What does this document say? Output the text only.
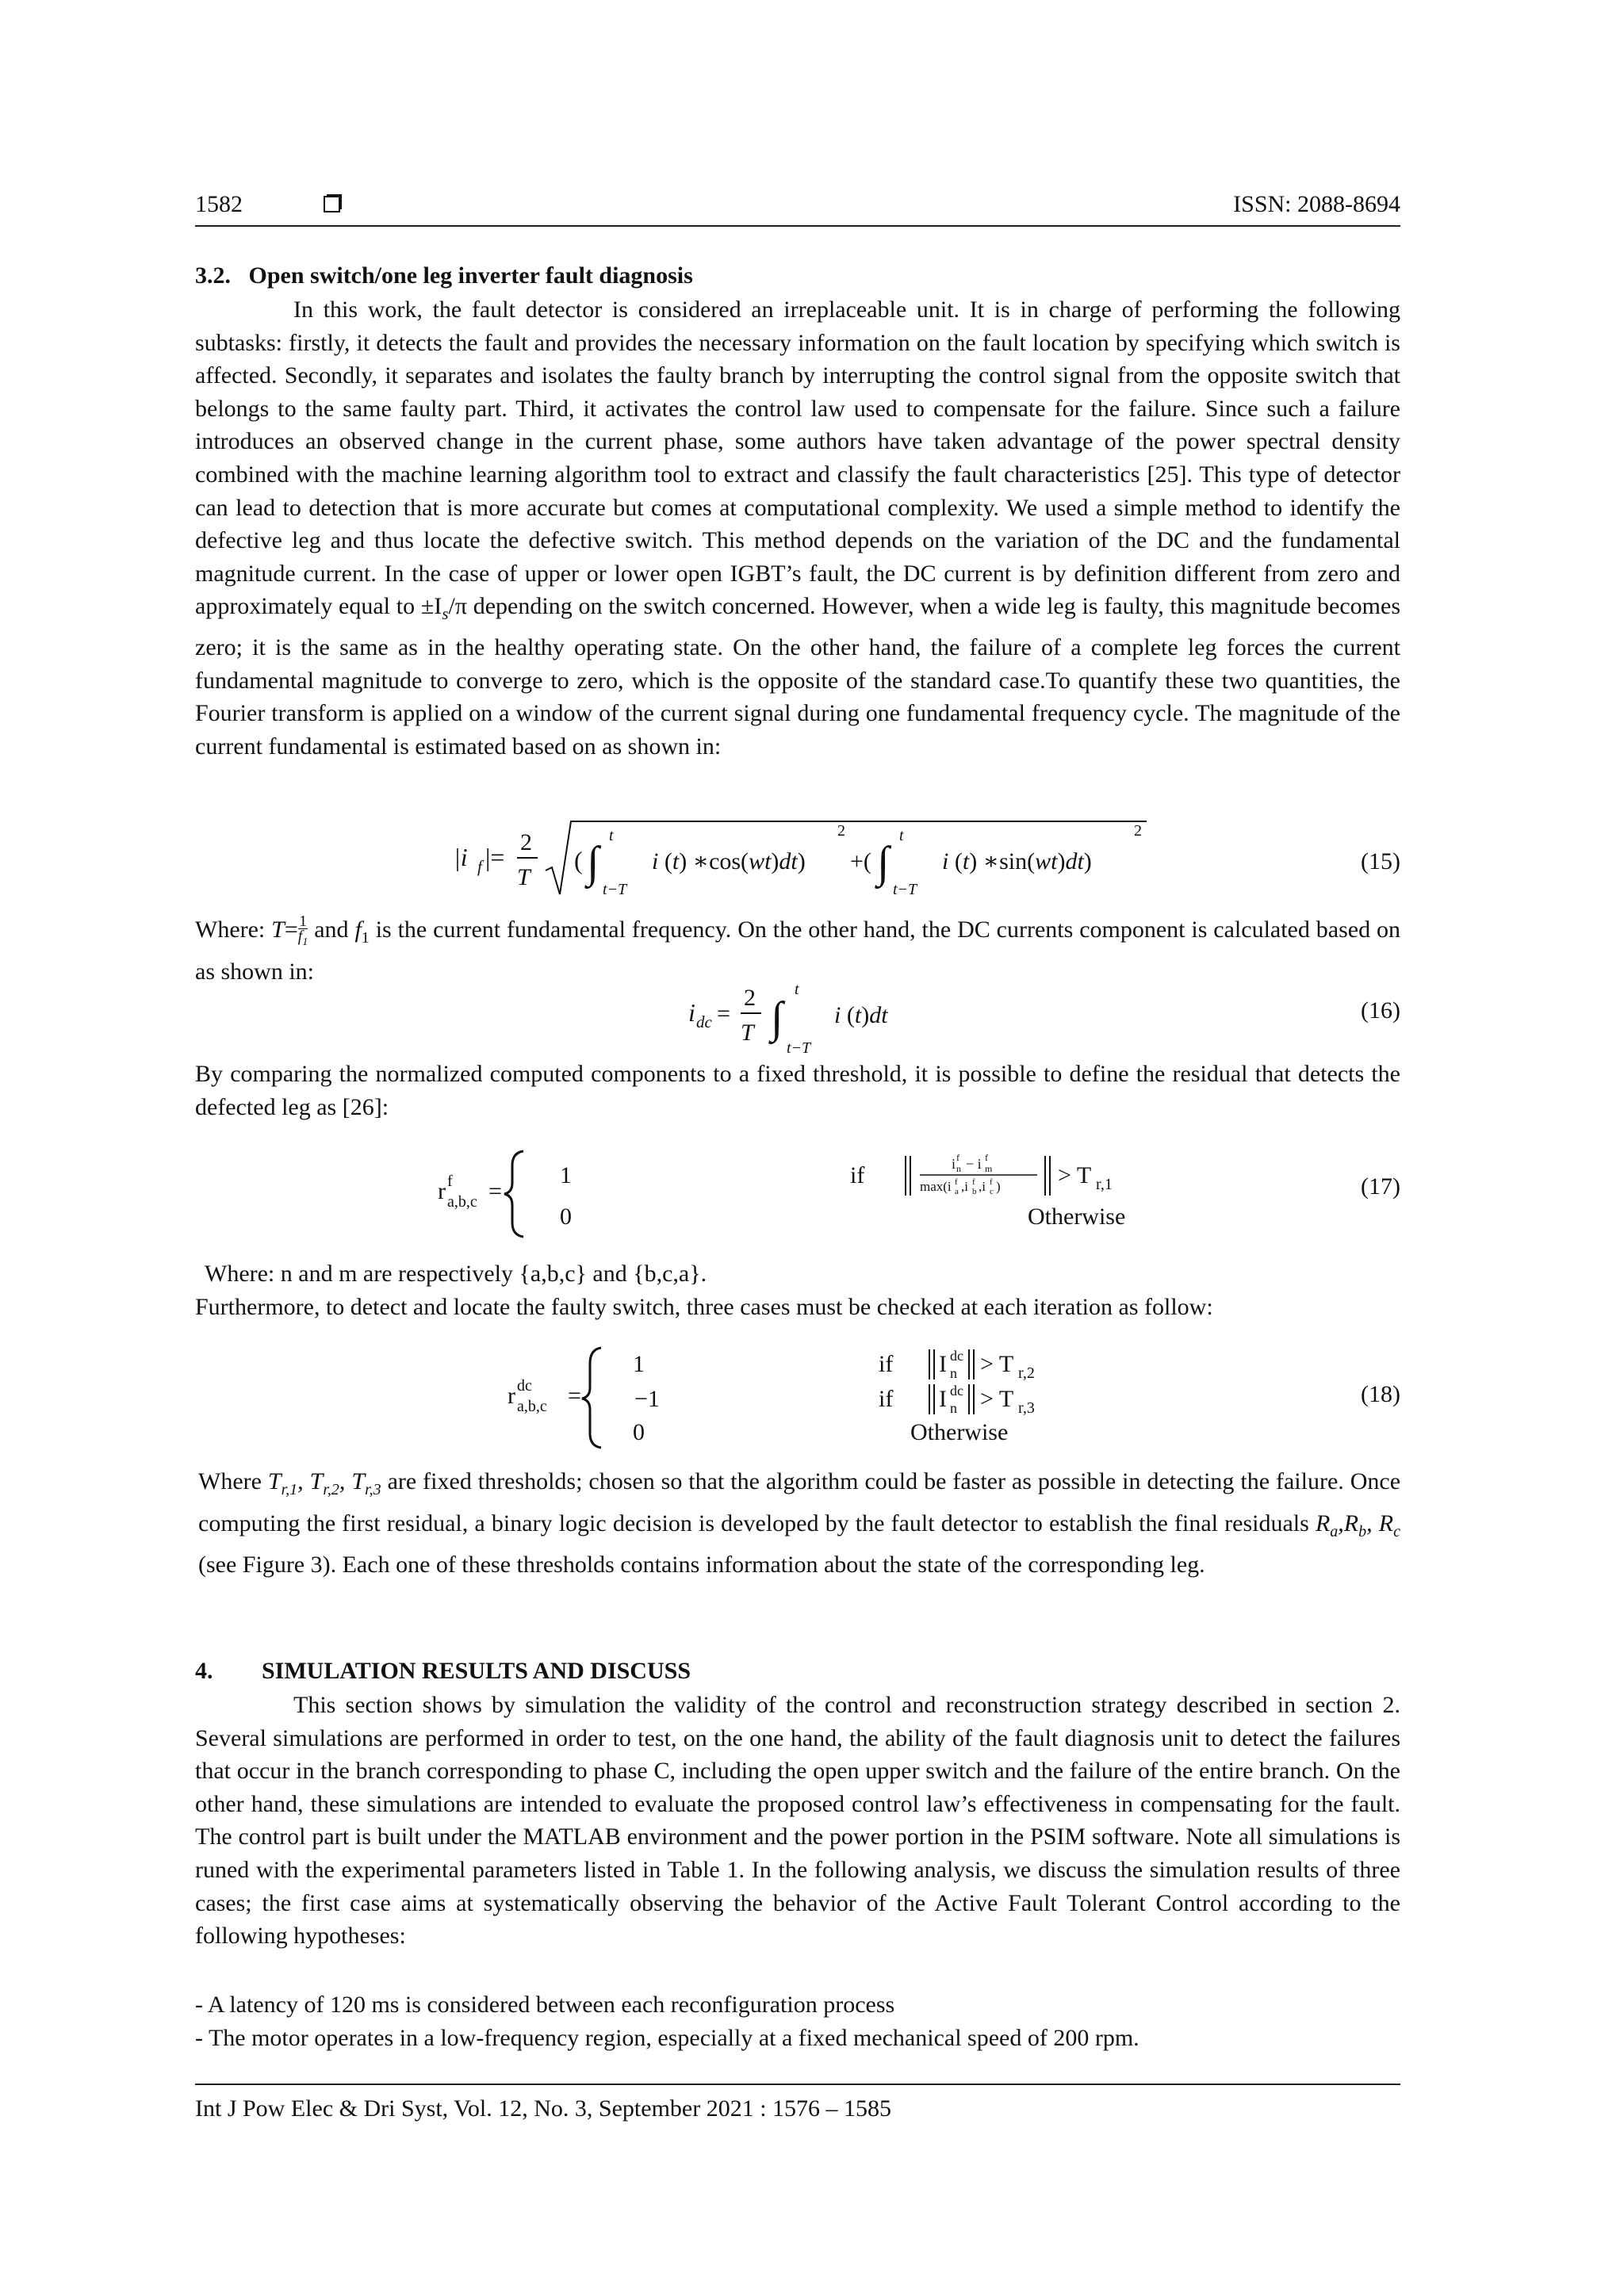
1582	ISSN: 2088-8694
3.2.   Open switch/one leg inverter fault diagnosis
In this work, the fault detector is considered an irreplaceable unit. It is in charge of performing the following subtasks: firstly, it detects the fault and provides the necessary information on the fault location by specifying which switch is affected. Secondly, it separates and isolates the faulty branch by interrupting the control signal from the opposite switch that belongs to the same faulty part. Third, it activates the control law used to compensate for the failure. Since such a failure introduces an observed change in the current phase, some authors have taken advantage of the power spectral density combined with the machine learning algorithm tool to extract and classify the fault characteristics [25]. This type of detector can lead to detection that is more accurate but comes at computational complexity. We used a simple method to identify the defective leg and thus locate the defective switch. This method depends on the variation of the DC and the fundamental magnitude current. In the case of upper or lower open IGBT’s fault, the DC current is by definition different from zero and approximately equal to $\pm I_s/\pi$ depending on the switch concerned. However, when a wide leg is faulty, this magnitude becomes zero; it is the same as in the healthy operating state. On the other hand, the failure of a complete leg forces the current fundamental magnitude to converge to zero, which is the opposite of the standard case.To quantify these two quantities, the Fourier transform is applied on a window of the current signal during one fundamental frequency cycle. The magnitude of the current fundamental is estimated based on as shown in:
|i f |=
2
T
( ∫
t
t−T
i (t) ∗cos(wt)dt)
2
+( ∫
t
t−T
i (t) ∗sin(wt)dt)
2
(15)
Where: $T= \frac{1}{f_1}$ and $f_1$ is the current fundamental frequency. On the other hand, the DC currents component is calculated based on as shown in:
i dc =
2
T ∫
t
t−T
i (t)dt	(16)
By comparing the normalized computed components to a fixed threshold, it is possible to define the residual that detects the defected leg as [26]:
r f
a,b,c =
1
0
if	i n
f − i m
f
max(i a
f ,i b
f ,i c
f ) > T r,1
Otherwise
(17)
Where: n and m are respectively {a,b,c} and {b,c,a}.
Furthermore, to detect and locate the faulty switch, three cases must be checked at each iteration as follow:
r dc
a,b,c =
1
−1
0
if
if
I dc
n > T r,2
I dc
n > T r,3
Otherwise
(18)
Where $T_{r,1}$, $T_{r,2}$, $T_{r,3}$ are fixed thresholds; chosen so that the algorithm could be faster as possible in detecting the failure. Once computing the first residual, a binary logic decision is developed by the fault detector to establish the final residuals $R_a,R_b$, $R_c$ (see Figure 3). Each one of these thresholds contains information about the state of the corresponding leg.
4. SIMULATION RESULTS AND DISCUSS
This section shows by simulation the validity of the control and reconstruction strategy described in section 2. Several simulations are performed in order to test, on the one hand, the ability of the fault diagnosis unit to detect the failures that occur in the branch corresponding to phase C, including the open upper switch and the failure of the entire branch. On the other hand, these simulations are intended to evaluate the proposed control law’s effectiveness in compensating for the fault. The control part is built under the MATLAB environment and the power portion in the PSIM software. Note all simulations is runed with the experimental parameters listed in Table 1. In the following analysis, we discuss the simulation results of three cases; the first case aims at systematically observing the behavior of the Active Fault Tolerant Control according to the following hypotheses:
- A latency of 120 ms is considered between each reconfiguration process
- The motor operates in a low-frequency region, especially at a fixed mechanical speed of 200 rpm.
Int J Pow Elec & Dri Syst, Vol. 12, No. 3, September 2021 : 1576 – 1585
